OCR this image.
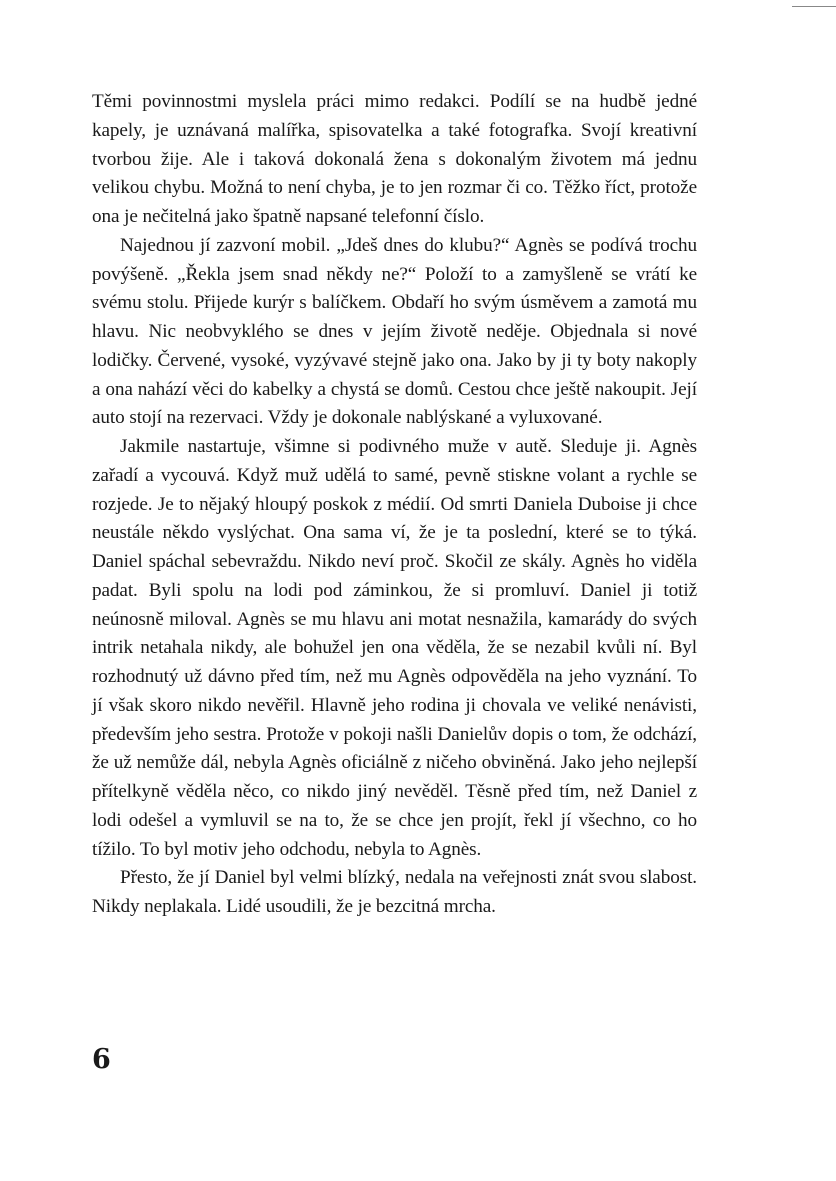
Těmi povinnostmi myslela práci mimo redakci. Podílí se na hudbě jedné kapely, je uznávaná malířka, spisovatelka a také fotografka. Svojí kreativní tvorbou žije. Ale i taková dokonalá žena s dokonalým životem má jednu velikou chybu. Možná to není chyba, je to jen rozmar či co. Těžko říct, protože ona je nečitelná jako špatně napsané telefonní číslo.

Najednou jí zazvoní mobil. „Jdeš dnes do klubu?“ Agnès se podívá trochu povýšeně. „Řekla jsem snad někdy ne?“ Položí to a zamyšleně se vrátí ke svému stolu. Přijede kurýr s balíčkem. Obdaří ho svým úsměvem a zamotá mu hlavu. Nic neobvyklého se dnes v jejím životě neděje. Objednala si nové lodičky. Červené, vysoké, vyzývavé stejně jako ona. Jako by ji ty boty nakoply a ona nahází věci do kabelky a chystá se domů. Cestou chce ještě nakoupit. Její auto stojí na rezervaci. Vždy je dokonale nablýskané a vyluxované.

Jakmile nastartuje, všimne si podivného muže v autě. Sleduje ji. Agnès zařadí a vycouvá. Když muž udělá to samé, pevně stiskne volant a rychle se rozjede. Je to nějaký hloupý poskok z médií. Od smrti Daniela Duboise ji chce neustále někdo vyslýchat. Ona sama ví, že je ta poslední, které se to týká. Daniel spáchal sebevraždu. Nikdo neví proč. Skočil ze skály. Agnès ho viděla padat. Byli spolu na lodi pod záminkou, že si promluví. Daniel ji totiž neúnosně miloval. Agnès se mu hlavu ani motat nesnažila, kamarády do svých intrik netahala nikdy, ale bohužel jen ona věděla, že se nezabil kvůli ní. Byl rozhodnutý už dávno před tím, než mu Agnès odpověděla na jeho vyznání. To jí však skoro nikdo nevěřil. Hlavně jeho rodina ji chovala ve veliké nenávisti, především jeho sestra. Protože v pokoji našli Danielův dopis o tom, že odchází, že už nemůže dál, nebyla Agnès oficiálně z ničeho obviněná. Jako jeho nejlepší přítelkyně věděla něco, co nikdo jiný nevěděl. Těsně před tím, než Daniel z lodi odešel a vymluvil se na to, že se chce jen projít, řekl jí všechno, co ho tížilo. To byl motiv jeho odchodu, nebyla to Agnès.

Přesto, že jí Daniel byl velmi blízký, nedala na veřejnosti znát svou slabost. Nikdy neplakala. Lidé usoudili, že je bezcitná mrcha.

6
